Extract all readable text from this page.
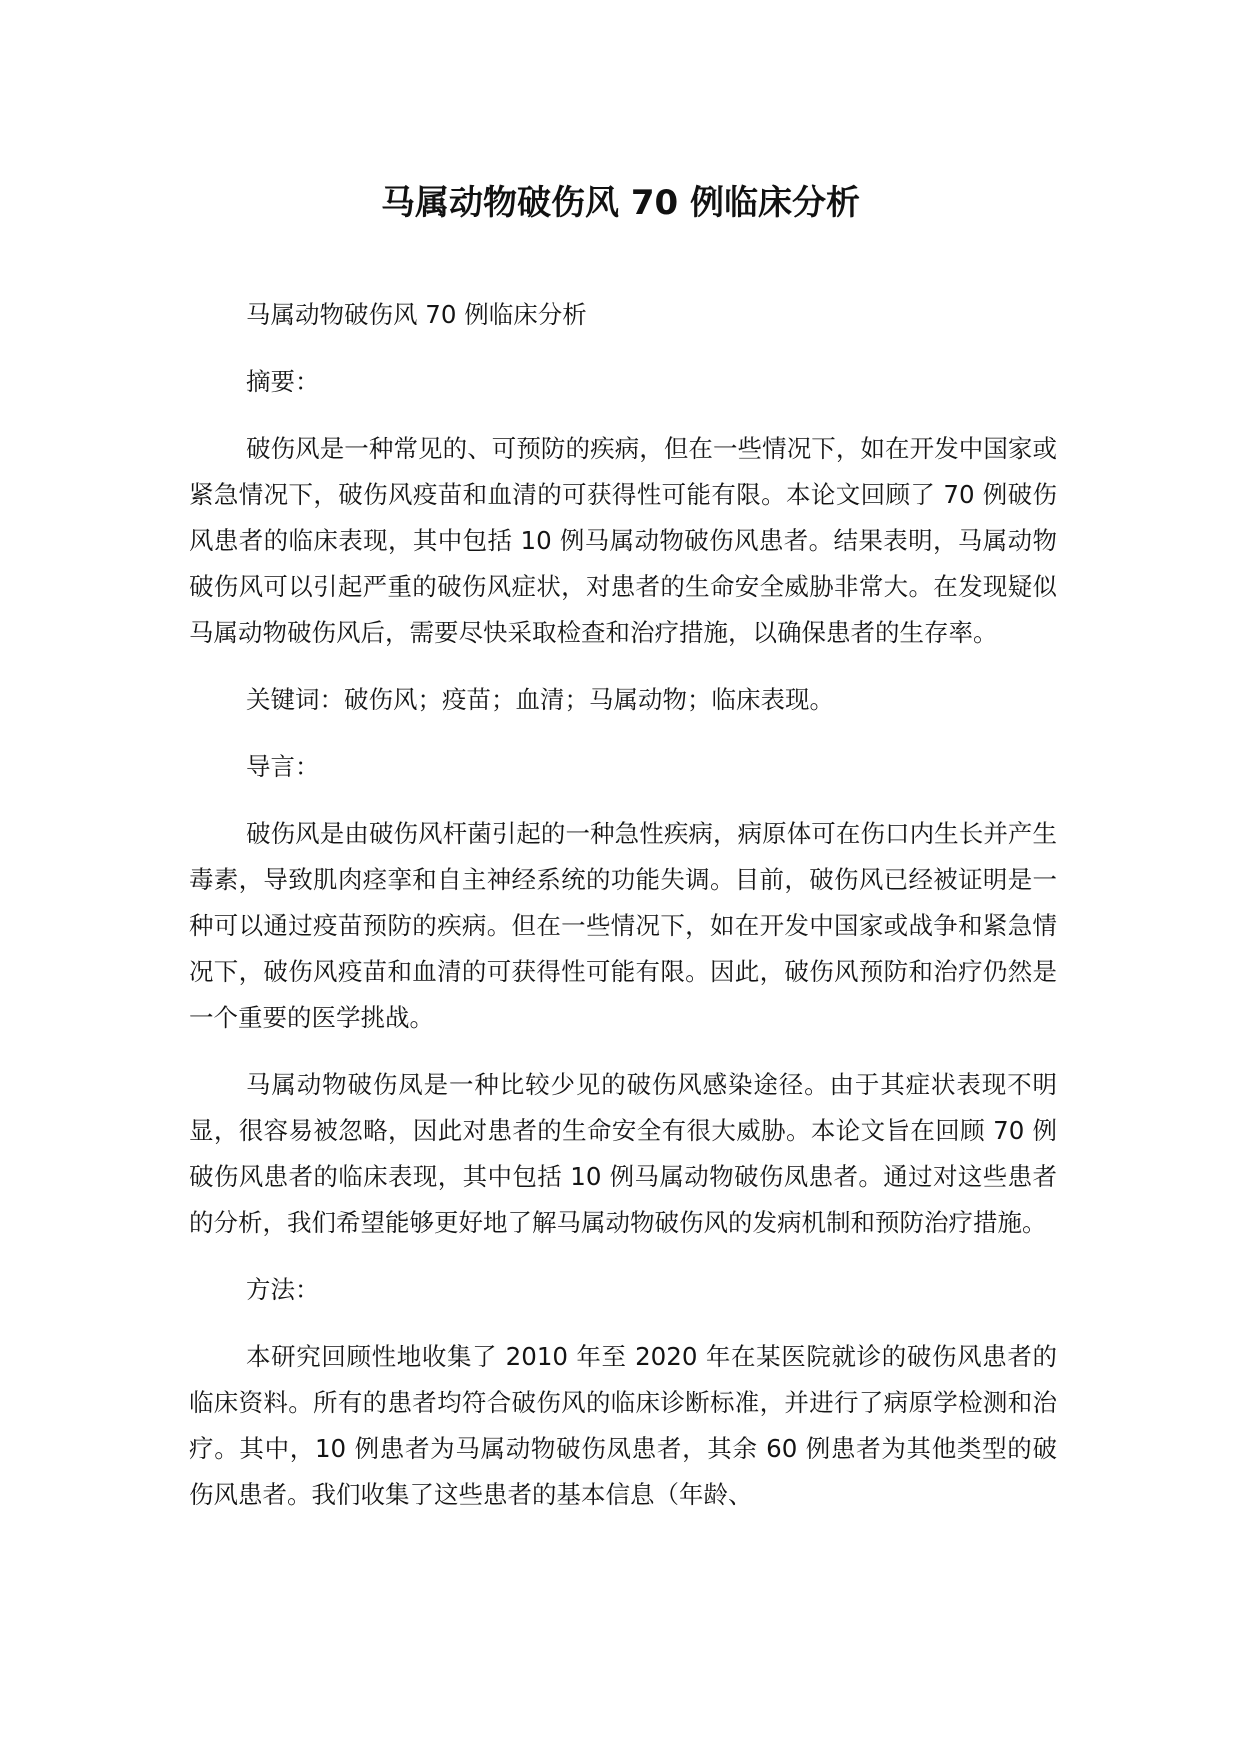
马属动物破伤风 70 例临床分析

马属动物破伤风 70 例临床分析

摘要：

破伤风是一种常见的、可预防的疾病，但在一些情况下，如在开发中国家或紧急情况下，破伤风疫苗和血清的可获得性可能有限。本论文回顾了 70 例破伤风患者的临床表现，其中包括 10 例马属动物破伤风患者。结果表明，马属动物破伤风可以引起严重的破伤风症状，对患者的生命安全威胁非常大。在发现疑似马属动物破伤风后，需要尽快采取检查和治疗措施，以确保患者的生存率。

关键词：破伤风；疫苗；血清；马属动物；临床表现。

导言：

破伤风是由破伤风杆菌引起的一种急性疾病，病原体可在伤口内生长并产生毒素，导致肌肉痉挛和自主神经系统的功能失调。目前，破伤风已经被证明是一种可以通过疫苗预防的疾病。但在一些情况下，如在开发中国家或战争和紧急情况下，破伤风疫苗和血清的可获得性可能有限。因此，破伤风预防和治疗仍然是一个重要的医学挑战。

马属动物破伤凤是一种比较少见的破伤风感染途径。由于其症状表现不明显，很容易被忽略，因此对患者的生命安全有很大威胁。本论文旨在回顾 70 例破伤风患者的临床表现，其中包括 10 例马属动物破伤凤患者。通过对这些患者的分析，我们希望能够更好地了解马属动物破伤风的发病机制和预防治疗措施。

方法：

本研究回顾性地收集了 2010 年至 2020 年在某医院就诊的破伤风患者的临床资料。所有的患者均符合破伤风的临床诊断标准，并进行了病原学检测和治疗。其中，10 例患者为马属动物破伤凤患者，其余 60 例患者为其他类型的破伤风患者。我们收集了这些患者的基本信息（年龄、
